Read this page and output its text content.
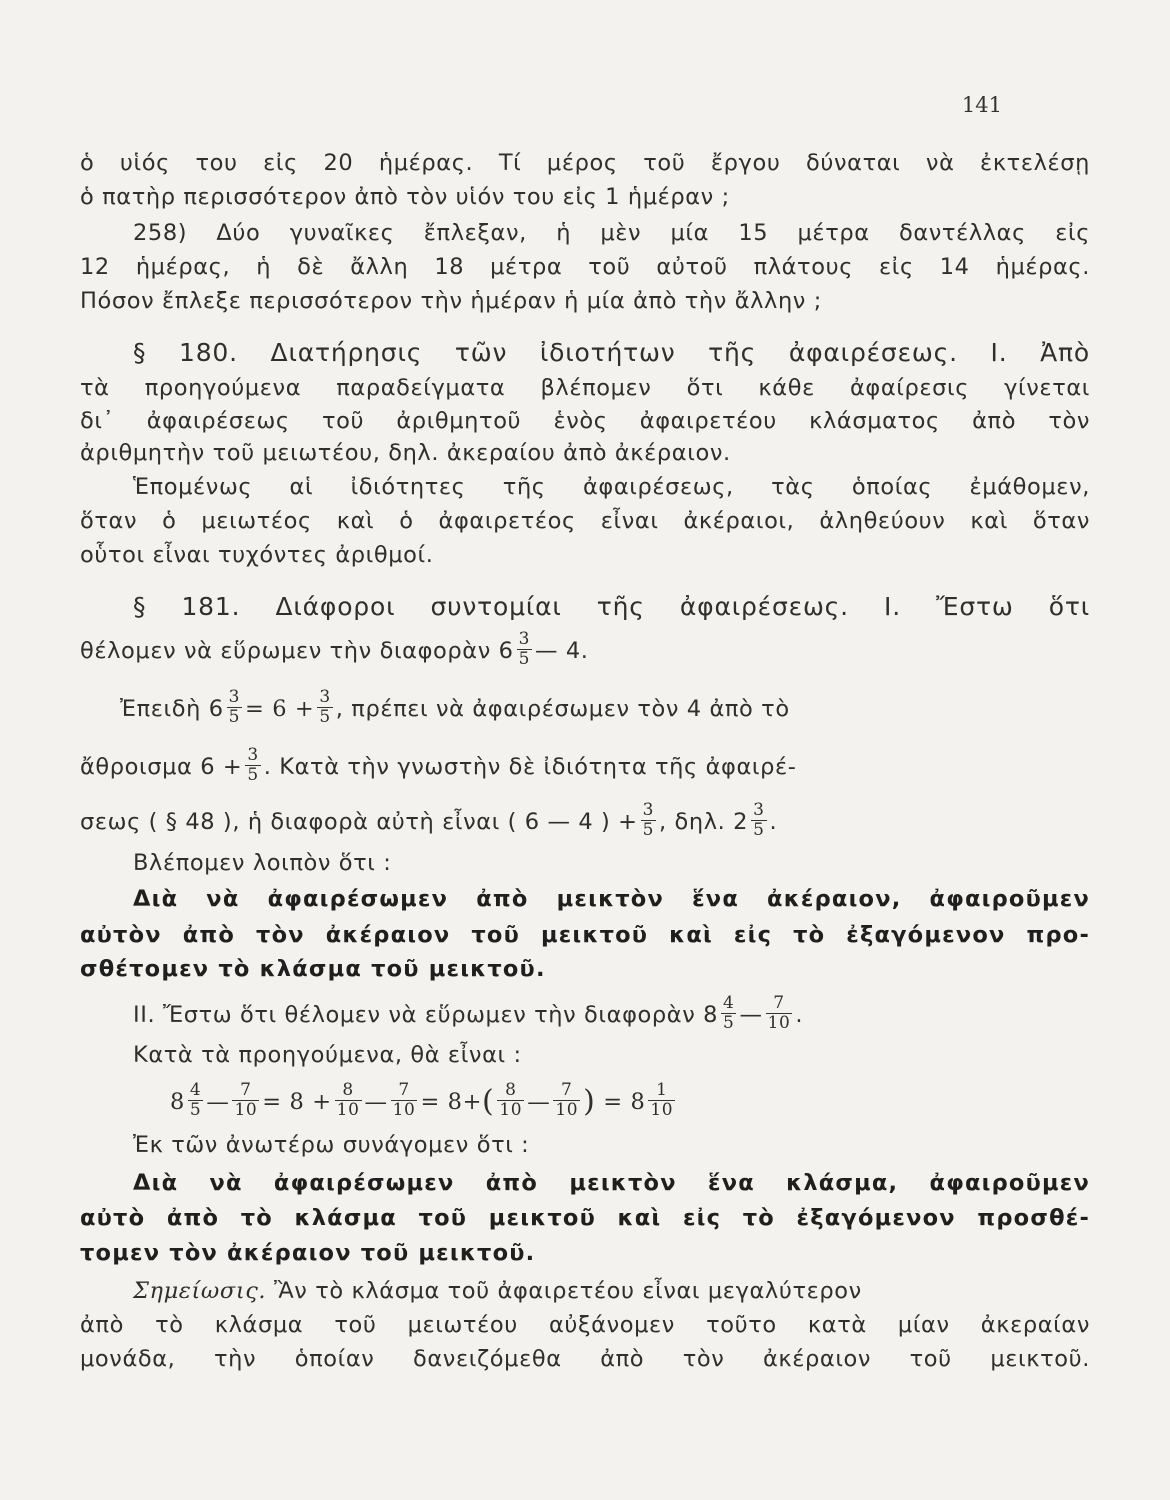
141
ὁ υἱός του εἰς 20 ἡμέρας. Τί μέρος τοῦ ἔργου δύναται νὰ ἐκτελέσῃ
ὁ πατὴρ περισσότερον ἀπὸ τὸν υἱόν του εἰς 1 ἡμέραν ;
258) Δύο γυναῖκες ἔπλεξαν, ἡ μὲν μία 15 μέτρα δαντέλλας εἰς
12 ἡμέρας, ἡ δὲ ἄλλη 18 μέτρα τοῦ αὐτοῦ πλάτους εἰς 14 ἡμέρας.
Πόσον ἔπλεξε περισσότερον τὴν ἡμέραν ἡ μία ἀπὸ τὴν ἄλλην ;
§ 180. Διατήρησις τῶν ἰδιοτήτων τῆς ἀφαιρέσεως. Ι. Ἀπὸ
τὰ προηγούμενα παραδείγματα βλέπομεν ὅτι κάθε ἀφαίρεσις γίνεται
δι᾽ ἀφαιρέσεως τοῦ ἀριθμητοῦ ἑνὸς ἀφαιρετέου κλάσματος ἀπὸ τὸν
ἀριθμητὴν τοῦ μειωτέου, δηλ. ἀκεραίου ἀπὸ ἀκέραιον.
Ἑπομένως αἱ ἰδιότητες τῆς ἀφαιρέσεως, τὰς ὁποίας ἐμάθομεν,
ὅταν ὁ μειωτέος καὶ ὁ ἀφαιρετέος εἶναι ἀκέραιοι, ἀληθεύουν καὶ ὅταν
οὗτοι εἶναι τυχόντες ἀριθμοί.
§ 181. Διάφοροι συντομίαι τῆς ἀφαιρέσεως. Ι. Ἔστω ὅτι
θέλομεν νὰ εὕρωμεν τὴν διαφορὰν $6 \frac{3}{5}$ — 4.
Ἐπειδὴ $6 \frac{3}{5} = 6 + \frac{3}{5}$ , πρέπει νὰ ἀφαιρέσωμεν τὸν 4 ἀπὸ τὸ
ἄθροισμα $6 + \frac{3}{5}$ . Κατὰ τὴν γνωστὴν δὲ ἰδιότητα τῆς ἀφαιρέ-
σεως ( § 48 ), ἡ διαφορὰ αὐτὴ εἶναι ( 6 — 4 ) + $\frac{3}{5}$ , δηλ. $2 \frac{3}{5}$ .
Βλέπομεν λοιπὸν ὅτι :
Διὰ νὰ ἀφαιρέσωμεν ἀπὸ μεικτὸν ἕνα ἀκέραιον, ἀφαιροῦμεν
αὐτὸν ἀπὸ τὸν ἀκέραιον τοῦ μεικτοῦ καὶ εἰς τὸ ἐξαγόμενον προ-
σθέτομεν τὸ κλάσμα τοῦ μεικτοῦ.
ΙΙ. Ἔστω ὅτι θέλομεν νὰ εὕρωμεν τὴν διαφορὰν $8 \frac{4}{5}$ — $\frac{7}{10}$ .
Κατὰ τὰ προηγούμενα, θὰ εἶναι :
$8 \frac{4}{5}$ — $\frac{7}{10} = 8 + \frac{8}{10}$ — $\frac{7}{10} = 8+( \frac{8}{10}$ — $\frac{7}{10}$ ) = $8 \frac{1}{10}$
Ἐκ τῶν ἀνωτέρω συνάγομεν ὅτι :
Διὰ νὰ ἀφαιρέσωμεν ἀπὸ μεικτὸν ἕνα κλάσμα, ἀφαιροῦμεν
αὐτὸ ἀπὸ τὸ κλάσμα τοῦ μεικτοῦ καὶ εἰς τὸ ἐξαγόμενον προσθέ-
τομεν τὸν ἀκέραιον τοῦ μεικτοῦ.
Σημείωσις. Ἂν τὸ κλάσμα τοῦ ἀφαιρετέου εἶναι μεγαλύτερον
ἀπὸ τὸ κλάσμα τοῦ μειωτέου αὐξάνομεν τοῦτο κατὰ μίαν ἀκεραίαν
μονάδα, τὴν ὁποίαν δανειζόμεθα ἀπὸ τὸν ἀκέραιον τοῦ μεικτοῦ.
